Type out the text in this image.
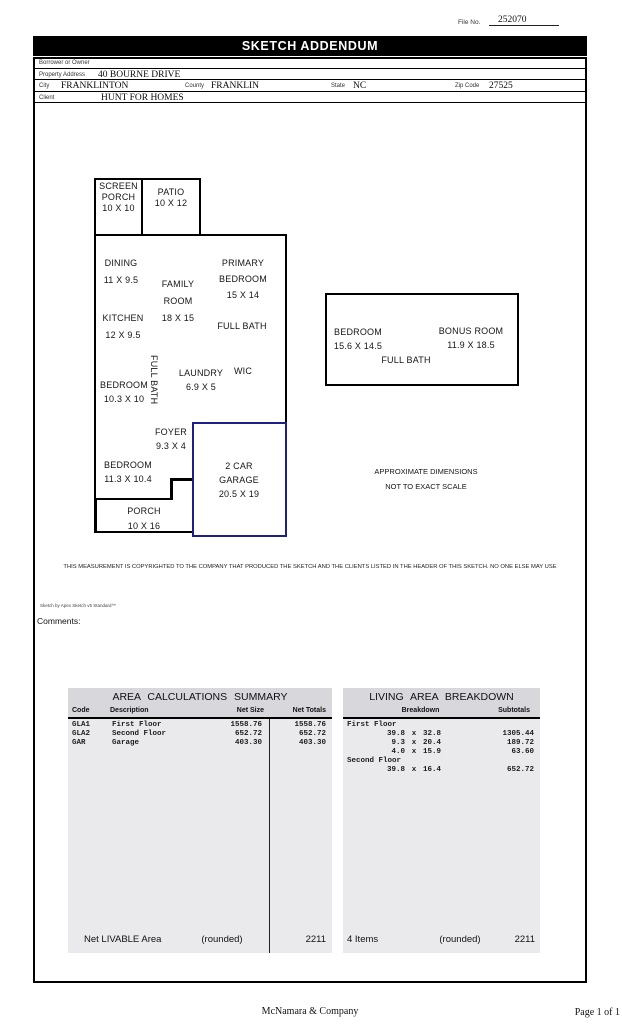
File No.	252070
SKETCH ADDENDUM
Borrower or Owner
Property Address 40 BOURNE DRIVE
City FRANKLINTON	County FRANKLIN	State NC	Zip Code 27525
Client	HUNT FOR HOMES
SCREEN
PORCH
10 X 10
PATIO
10 X 12
DINING
11 X 9.5	FAMILY
ROOM
18 X 15
KITCHEN
12 X 9.5
PRIMARY
BEDROOM
15 X 14
FULL BATH
FULL BATH	LAUNDRY
6.9 X 5
WIC
BEDROOM
10.3 X 10
FOYER
9.3 X 4
BEDROOM
11.3 X 10.4
PORCH
10 X 16
2 CAR
GARAGE
20.5 X 19
BEDROOM
15.6 X 14.5
BONUS ROOM
11.9 X 18.5
FULL BATH
APPROXIMATE DIMENSIONS
NOT TO EXACT SCALE
THIS MEASUREMENT IS COPYRIGHTED TO THE COMPANY THAT PRODUCED THE SKETCH AND THE CLIENTS LISTED IN THE HEADER OF THIS SKETCH. NO ONE ELSE MAY USE
Sketch by Apex Sketch v5 Standard™
Comments:
AREA CALCULATIONS SUMMARY
Code	Description	Net Size	Net Totals
GLA1	First Floor	1558.76	1558.76
GLA2	Second Floor	652.72	652.72
GAR	Garage	403.30	403.30
Net LIVABLE Area	(rounded)	2211
LIVING AREA BREAKDOWN
Breakdown	Subtotals
First Floor
39.8 x 32.8	1305.44
9.3 x 20.4	189.72
4.0 x 15.9	63.60
Second Floor
39.8 x 16.4	652.72
4 Items	(rounded)	2211
McNamara & Company	Page 1 of 1
